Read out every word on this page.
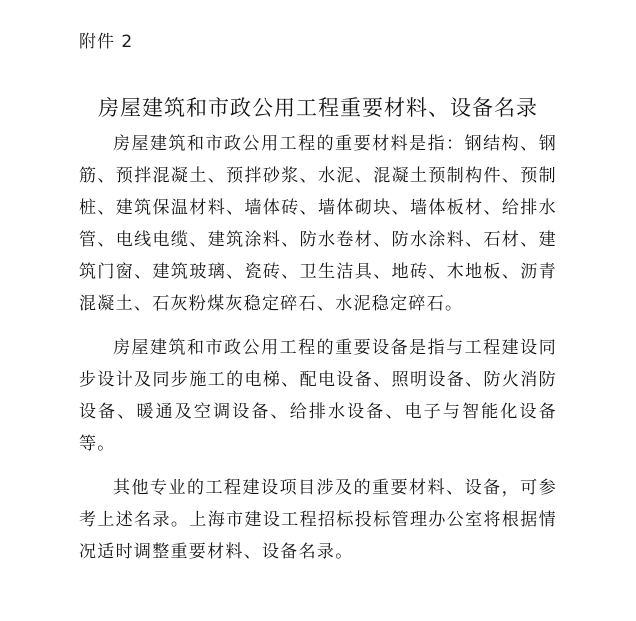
附件 2
房屋建筑和市政公用工程重要材料、设备名录

房屋建筑和市政公用工程的重要材料是指：钢结构、钢筋、预拌混凝土、预拌砂浆、水泥、混凝土预制构件、预制桩、建筑保温材料、墙体砖、墙体砌块、墙体板材、给排水管、电线电缆、建筑涂料、防水卷材、防水涂料、石材、建筑门窗、建筑玻璃、瓷砖、卫生洁具、地砖、木地板、沥青混凝土、石灰粉煤灰稳定碎石、水泥稳定碎石。

房屋建筑和市政公用工程的重要设备是指与工程建设同步设计及同步施工的电梯、配电设备、照明设备、防火消防设备、暖通及空调设备、给排水设备、电子与智能化设备等。

其他专业的工程建设项目涉及的重要材料、设备，可参考上述名录。上海市建设工程招标投标管理办公室将根据情况适时调整重要材料、设备名录。
